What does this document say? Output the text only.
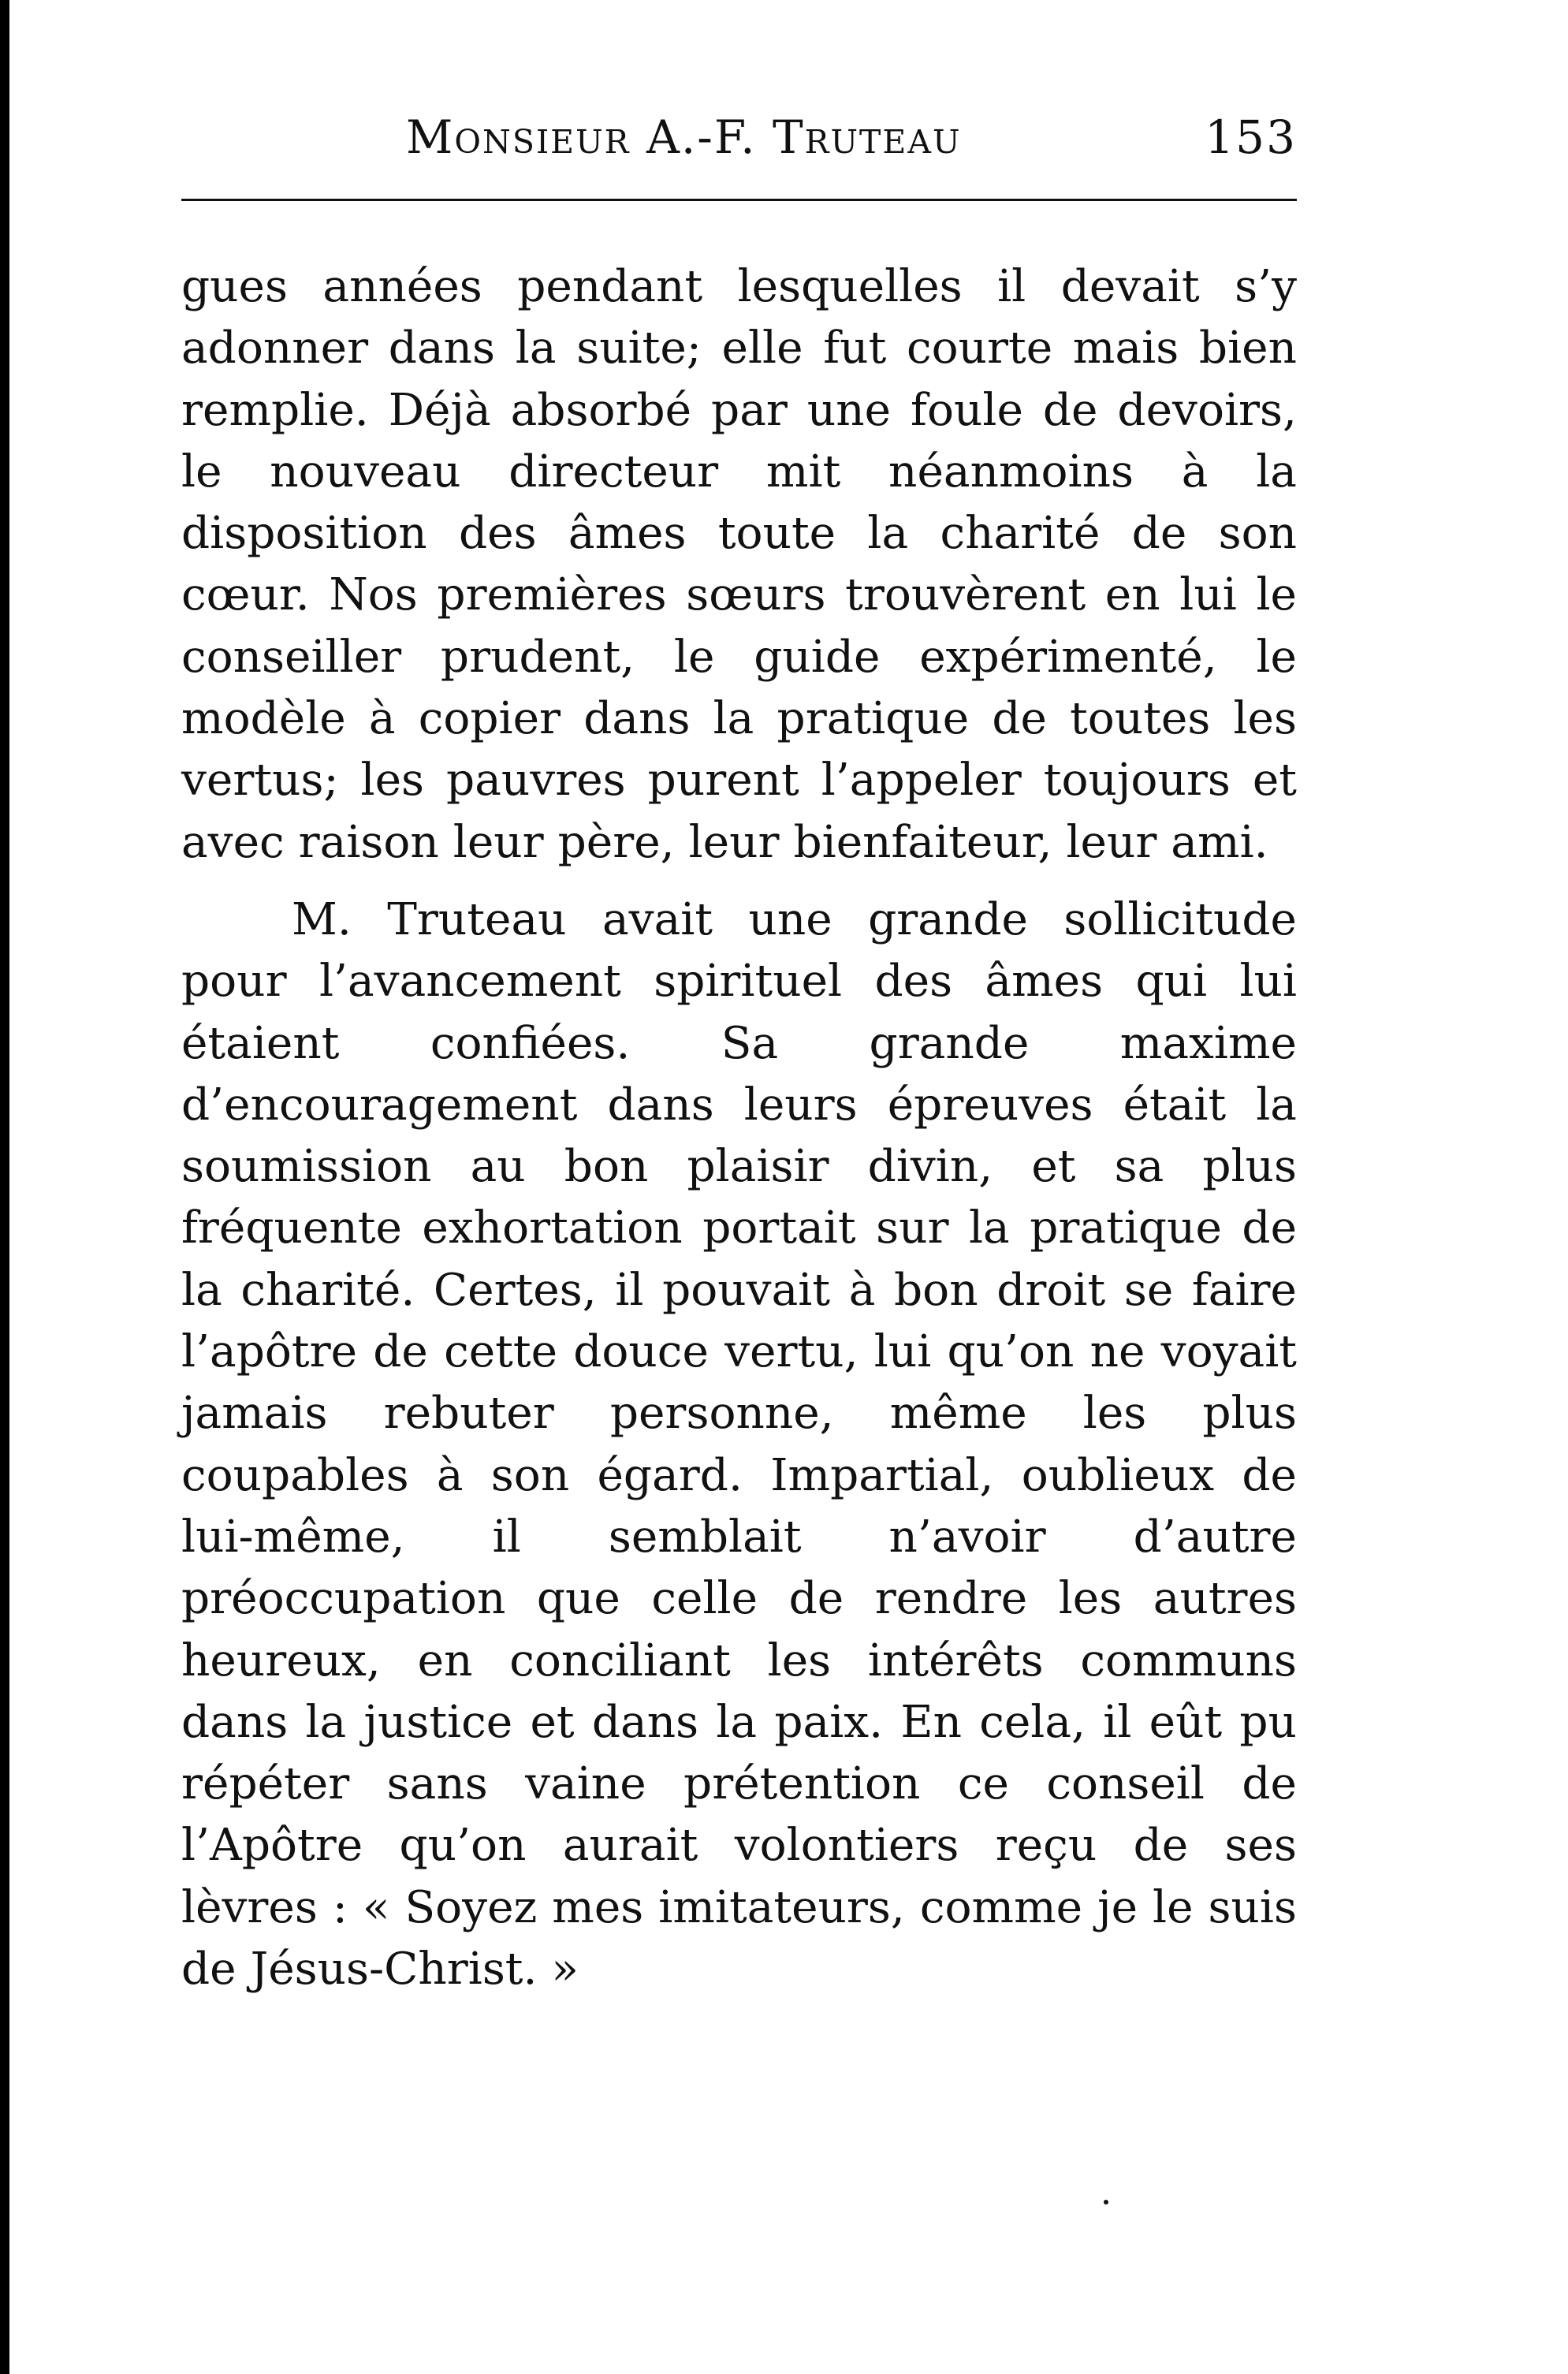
Monsieur A.-F. Truteau	153

gues années pendant lesquelles il devait s’y adonner dans la suite; elle fut courte mais bien remplie. Déjà absorbé par une foule de devoirs, le nouveau directeur mit néanmoins à la disposition des âmes toute la charité de son cœur. Nos premières sœurs trouvèrent en lui le conseiller prudent, le guide expérimenté, le modèle à copier dans la pratique de toutes les vertus; les pauvres purent l’appeler toujours et avec raison leur père, leur bienfaiteur, leur ami.

M. Truteau avait une grande sollicitude pour l’avancement spirituel des âmes qui lui étaient confiées. Sa grande maxime d’encouragement dans leurs épreuves était la soumission au bon plaisir divin, et sa plus fréquente exhortation portait sur la pratique de la charité. Certes, il pouvait à bon droit se faire l’apôtre de cette douce vertu, lui qu’on ne voyait jamais rebuter personne, même les plus coupables à son égard. Impartial, oublieux de lui-même, il semblait n’avoir d’autre préoccupation que celle de rendre les autres heureux, en conciliant les intérêts communs dans la justice et dans la paix. En cela, il eût pu répéter sans vaine prétention ce conseil de l’Apôtre qu’on aurait volontiers reçu de ses lèvres : « Soyez mes imitateurs, comme je le suis de Jésus-Christ. »
